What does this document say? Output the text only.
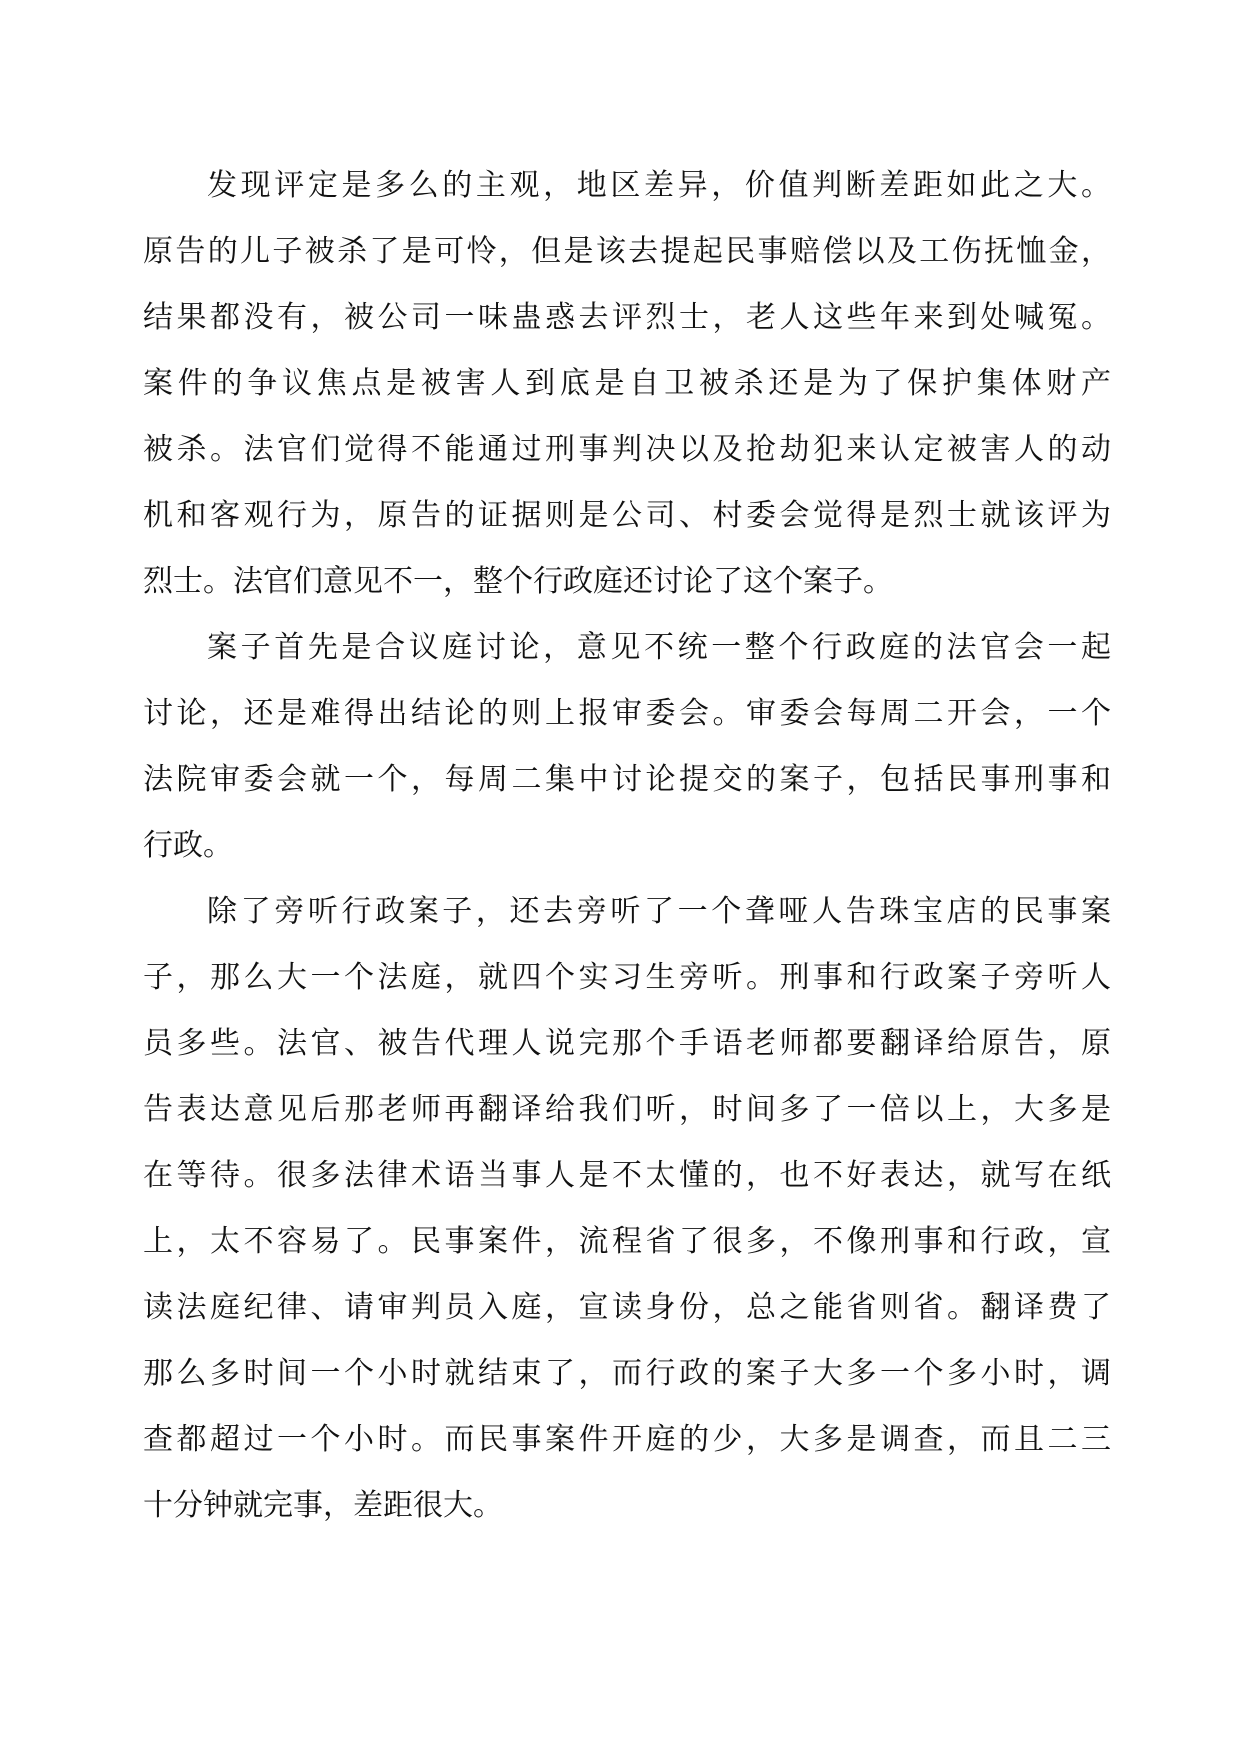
发现评定是多么的主观，地区差异，价值判断差距如此之大。
原告的儿子被杀了是可怜，但是该去提起民事赔偿以及工伤抚恤金，
结果都没有，被公司一味蛊惑去评烈士，老人这些年来到处喊冤。
案件的争议焦点是被害人到底是自卫被杀还是为了保护集体财产
被杀。法官们觉得不能通过刑事判决以及抢劫犯来认定被害人的动
机和客观行为，原告的证据则是公司、村委会觉得是烈士就该评为
烈士。法官们意见不一，整个行政庭还讨论了这个案子。
案子首先是合议庭讨论，意见不统一整个行政庭的法官会一起
讨论，还是难得出结论的则上报审委会。审委会每周二开会，一个
法院审委会就一个，每周二集中讨论提交的案子，包括民事刑事和
行政。
除了旁听行政案子，还去旁听了一个聋哑人告珠宝店的民事案
子，那么大一个法庭，就四个实习生旁听。刑事和行政案子旁听人
员多些。法官、被告代理人说完那个手语老师都要翻译给原告，原
告表达意见后那老师再翻译给我们听，时间多了一倍以上，大多是
在等待。很多法律术语当事人是不太懂的，也不好表达，就写在纸
上，太不容易了。民事案件，流程省了很多，不像刑事和行政，宣
读法庭纪律、请审判员入庭，宣读身份，总之能省则省。翻译费了
那么多时间一个小时就结束了，而行政的案子大多一个多小时，调
查都超过一个小时。而民事案件开庭的少，大多是调查，而且二三
十分钟就完事，差距很大。
